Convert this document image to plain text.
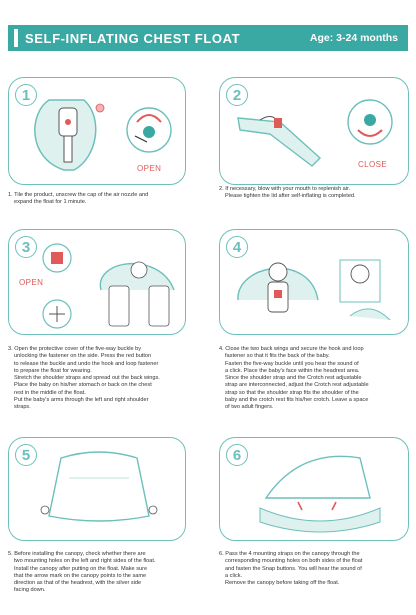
SELF-INFLATING CHEST FLOAT	Age: 3-24 months
1
OPEN
2
CLOSE

1. Tile the product, unscrew the cap of the air nozzle and

expand the float for 1 minute.

2. If necessary, blow with your mouth to replenish air.

Please tighten the lid after self-inflating is completed.

3
OPEN
4

3. Open the protective cover of the five-way buckle by

unlocking the fastener on the side. Press the red button

to release the buckle and undo the hook and loop fastener

to prepare the float for wearing.

Stretch the shoulder straps and spread out the back wings.

Place the baby on his/her stomach or back on the chest

rest in the middle of the float.

Put the baby's arms through the left and right shoulder

straps.

4. Close the two back wings and secure the hook and loop

fastener so that it fits the back of the baby.

Fasten the five-way buckle until you hear the sound of

a click. Place the baby's face within the headrest area.

Since the shoulder strap and the Crotch rest adjustable

strap are interconnected, adjust the Crotch rest adjustable

strap so that the shoulder strap fits the shoulder of the

baby and the crotch rest fits his/her crotch. Leave a space

of two adult fingers.

5	6

5. Before installing the canopy, check whether there are

two mounting holes on the left and right sides of the float.

Install the canopy after putting on the float. Make sure

that the arrow mark on the canopy points to the same

direction as that of the headrest, with the silver side

facing down.

6. Pass the 4 mounting straps on the canopy through the

corresponding mounting holes on both sides of the float

and fasten the Snap buttons. You will hear the sound of

a click.

Remove the canopy before taking off the float.
